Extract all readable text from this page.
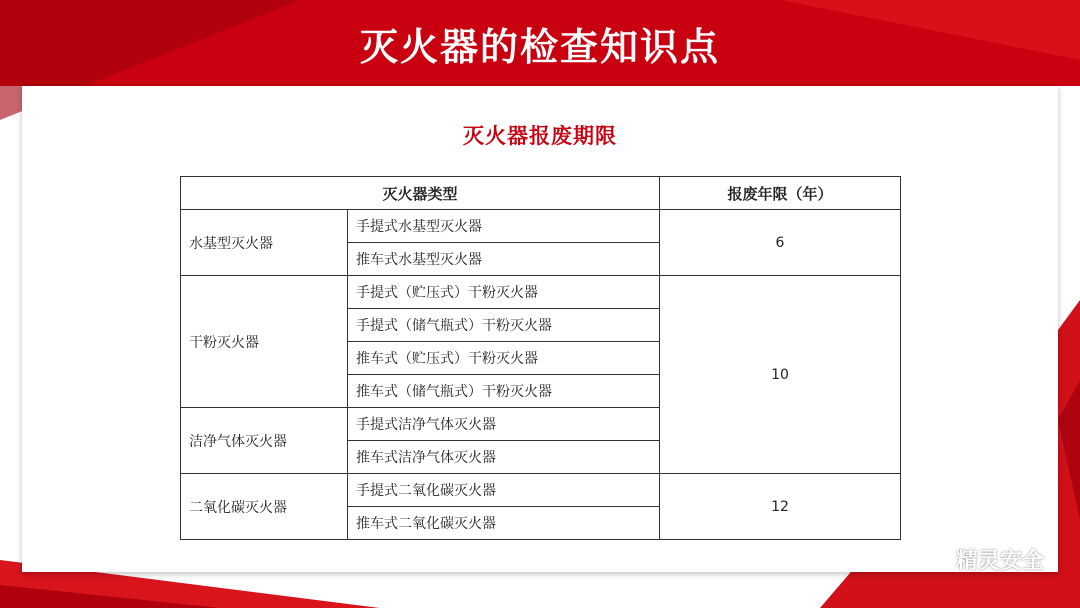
灭火器的检查知识点
灭火器报废期限
灭火器类型		报废年限（年）
水基型灭火器	手提式水基型灭火器	6
	推车式水基型灭火器	
干粉灭火器	手提式（贮压式）干粉灭火器	10
	手提式（储气瓶式）干粉灭火器	
	推车式（贮压式）干粉灭火器	
	推车式（储气瓶式）干粉灭火器	
洁净气体灭火器	手提式洁净气体灭火器	
	推车式洁净气体灭火器	
二氧化碳灭火器	手提式二氧化碳灭火器	12
	推车式二氧化碳灭火器	
精灵安全
